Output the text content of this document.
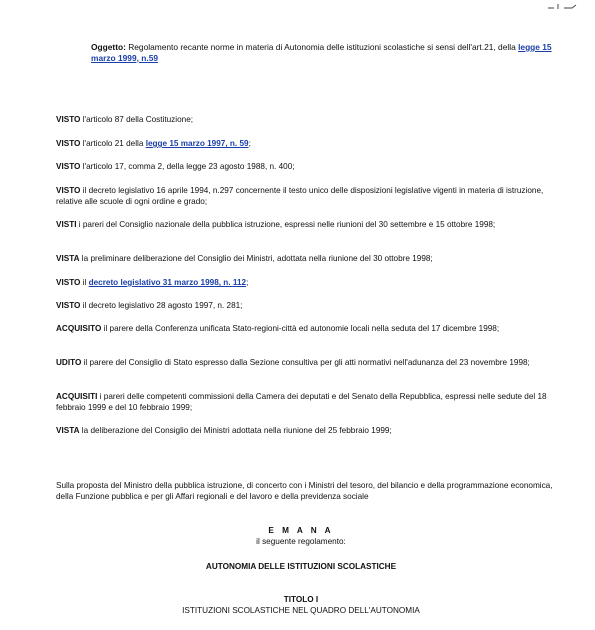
Oggetto: Regolamento recante norme in materia di Autonomia delle istituzioni scolastiche si sensi dell'art.21, della legge 15 marzo 1999, n.59
VISTO l'articolo 87 della Costituzione;
VISTO l'articolo 21 della legge 15 marzo 1997, n. 59;
VISTO l'articolo 17, comma 2, della legge 23 agosto 1988, n. 400;
VISTO il decreto legislativo 16 aprile 1994, n.297 concernente il testo unico delle disposizioni legislative vigenti in materia di istruzione, relative alle scuole di ogni ordine e grado;
VISTI i pareri del Consiglio nazionale della pubblica istruzione, espressi nelle riunioni del 30 settembre e 15 ottobre 1998;
VISTA la preliminare deliberazione del Consiglio dei Ministri, adottata nella riunione del 30 ottobre 1998;
VISTO il decreto legislativo 31 marzo 1998, n. 112;
VISTO il decreto legislativo 28 agosto 1997, n. 281;
ACQUISITO il parere della Conferenza unificata Stato-regioni-città ed autonomie locali nella seduta del 17 dicembre 1998;
UDITO il parere del Consiglio di Stato espresso dalla Sezione consultiva per gli atti normativi nell'adunanza del 23 novembre 1998;
ACQUISITI i pareri delle competenti commissioni della Camera dei deputati e del Senato della Repubblica, espressi nelle sedute del 18 febbraio 1999 e del 10 febbraio 1999;
VISTA la deliberazione del Consiglio dei Ministri adottata nella riunione del 25 febbraio 1999;
Sulla proposta del Ministro della pubblica istruzione, di concerto con i Ministri del tesoro, del bilancio e della programmazione economica, della Funzione pubblica e per gli Affari regionali e del lavoro e della previdenza sociale
E M A N A
il seguente regolamento:
AUTONOMIA DELLE ISTITUZIONI SCOLASTICHE
TITOLO I
ISTITUZIONI SCOLASTICHE NEL QUADRO DELL'AUTONOMIA
